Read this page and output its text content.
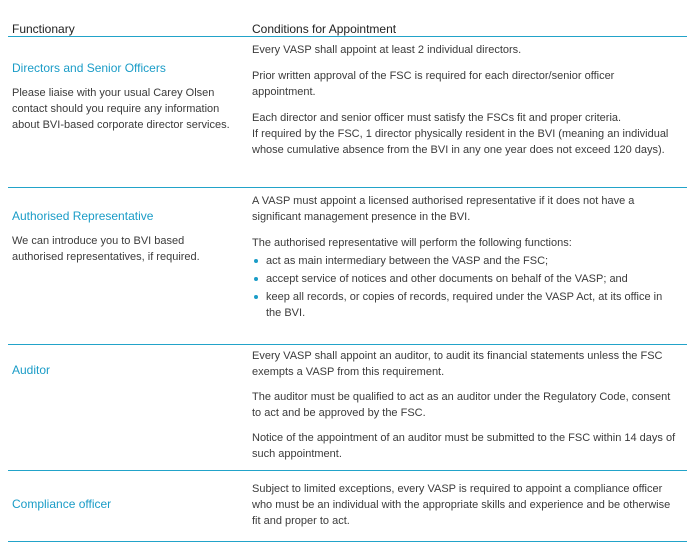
Functionary	Conditions for Appointment

Directors and Senior Officers

Please liaise with your usual Carey Olsen contact should you require any information about BVI-based corporate director services.

Every VASP shall appoint at least 2 individual directors.

Prior written approval of the FSC is required for each director/senior officer appointment.

Each director and senior officer must satisfy the FSCs fit and proper criteria.

If required by the FSC, 1 director physically resident in the BVI (meaning an individual whose cumulative absence from the BVI in any one year does not exceed 120 days).

Authorised Representative

We can introduce you to BVI based authorised representatives, if required.

A VASP must appoint a licensed authorised representative if it does not have a significant management presence in the BVI.

The authorised representative will perform the following functions:

act as main intermediary between the VASP and the FSC;
accept service of notices and other documents on behalf of the VASP; and
keep all records, or copies of records, required under the VASP Act, at its office in the BVI.

Auditor

Every VASP shall appoint an auditor, to audit its financial statements unless the FSC exempts a VASP from this requirement.

The auditor must be qualified to act as an auditor under the Regulatory Code, consent to act and be approved by the FSC.

Notice of the appointment of an auditor must be submitted to the FSC within 14 days of such appointment.

Compliance officer

Subject to limited exceptions, every VASP is required to appoint a compliance officer who must be an individual with the appropriate skills and experience and be otherwise fit and proper to act.
